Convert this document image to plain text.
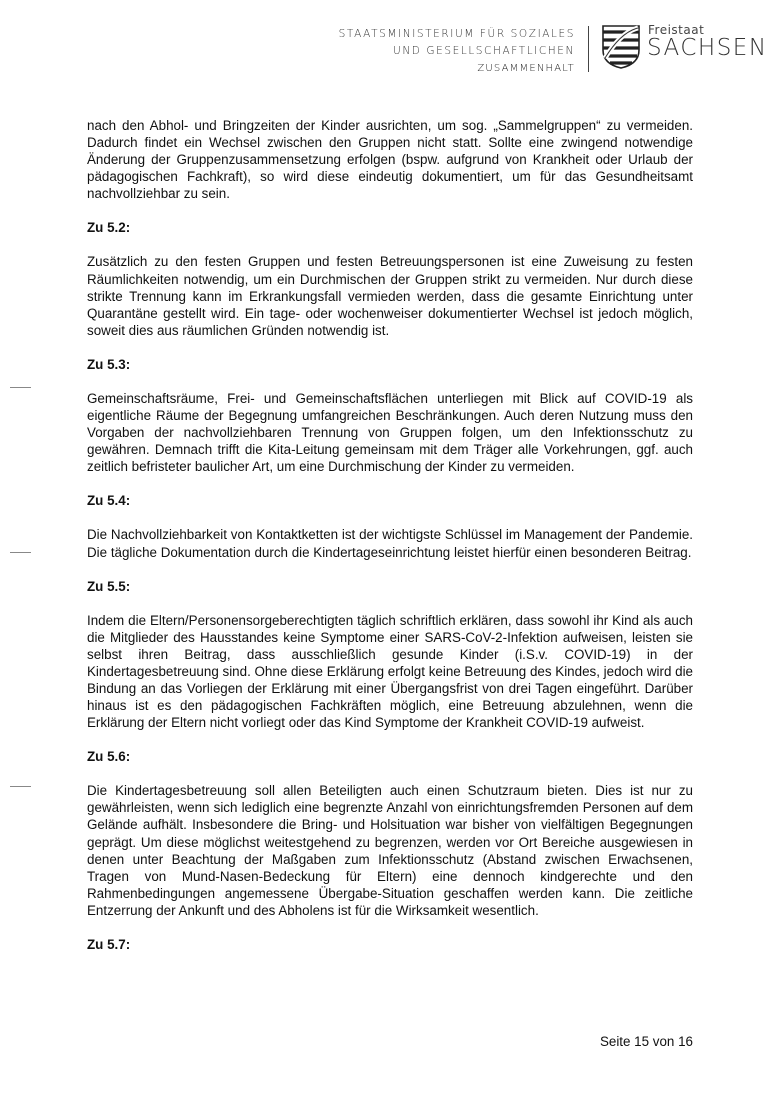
STAATSMINISTERIUM FÜR SOZIALES
UND GESELLSCHAFTLICHEN
ZUSAMMENHALT
Freistaat
SACHSEN

nach den Abhol- und Bringzeiten der Kinder ausrichten, um sog. „Sammelgruppen“ zu vermeiden. Dadurch findet ein Wechsel zwischen den Gruppen nicht statt. Sollte eine zwingend notwendige Änderung der Gruppenzusammensetzung erfolgen (bspw. aufgrund von Krankheit oder Urlaub der pädagogischen Fachkraft), so wird diese eindeutig dokumentiert, um für das Gesundheitsamt nachvollziehbar zu sein.

Zu 5.2:

Zusätzlich zu den festen Gruppen und festen Betreuungspersonen ist eine Zuweisung zu festen Räumlichkeiten notwendig, um ein Durchmischen der Gruppen strikt zu vermeiden. Nur durch diese strikte Trennung kann im Erkrankungsfall vermieden werden, dass die gesamte Einrichtung unter Quarantäne gestellt wird. Ein tage- oder wochenweiser dokumentierter Wechsel ist jedoch möglich, soweit dies aus räumlichen Gründen notwendig ist.

Zu 5.3:

Gemeinschaftsräume, Frei- und Gemeinschaftsflächen unterliegen mit Blick auf COVID-19 als eigentliche Räume der Begegnung umfangreichen Beschränkungen. Auch deren Nutzung muss den Vorgaben der nachvollziehbaren Trennung von Gruppen folgen, um den Infektionsschutz zu gewähren. Demnach trifft die Kita-Leitung gemeinsam mit dem Träger alle Vorkehrungen, ggf. auch zeitlich befristeter baulicher Art, um eine Durchmischung der Kinder zu vermeiden.

Zu 5.4:

Die Nachvollziehbarkeit von Kontaktketten ist der wichtigste Schlüssel im Management der Pandemie. Die tägliche Dokumentation durch die Kindertageseinrichtung leistet hierfür einen besonderen Beitrag.

Zu 5.5:

Indem die Eltern/Personensorgeberechtigten täglich schriftlich erklären, dass sowohl ihr Kind als auch die Mitglieder des Hausstandes keine Symptome einer SARS-CoV-2-Infektion aufweisen, leisten sie selbst ihren Beitrag, dass ausschließlich gesunde Kinder (i.S.v. COVID-19) in der Kindertagesbetreuung sind. Ohne diese Erklärung erfolgt keine Betreuung des Kindes, jedoch wird die Bindung an das Vorliegen der Erklärung mit einer Übergangsfrist von drei Tagen eingeführt. Darüber hinaus ist es den pädagogischen Fachkräften möglich, eine Betreuung abzulehnen, wenn die Erklärung der Eltern nicht vorliegt oder das Kind Symptome der Krankheit COVID-19 aufweist.

Zu 5.6:

Die Kindertagesbetreuung soll allen Beteiligten auch einen Schutzraum bieten. Dies ist nur zu gewährleisten, wenn sich lediglich eine begrenzte Anzahl von einrichtungsfremden Personen auf dem Gelände aufhält. Insbesondere die Bring- und Holsituation war bisher von vielfältigen Begegnungen geprägt. Um diese möglichst weitestgehend zu begrenzen, werden vor Ort Bereiche ausgewiesen in denen unter Beachtung der Maßgaben zum Infektionsschutz (Abstand zwischen Erwachsenen, Tragen von Mund-Nasen-Bedeckung für Eltern) eine dennoch kindgerechte und den Rahmenbedingungen angemessene Übergabe-Situation geschaffen werden kann. Die zeitliche Entzerrung der Ankunft und des Abholens ist für die Wirksamkeit wesentlich.

Zu 5.7:
Seite 15 von 16
